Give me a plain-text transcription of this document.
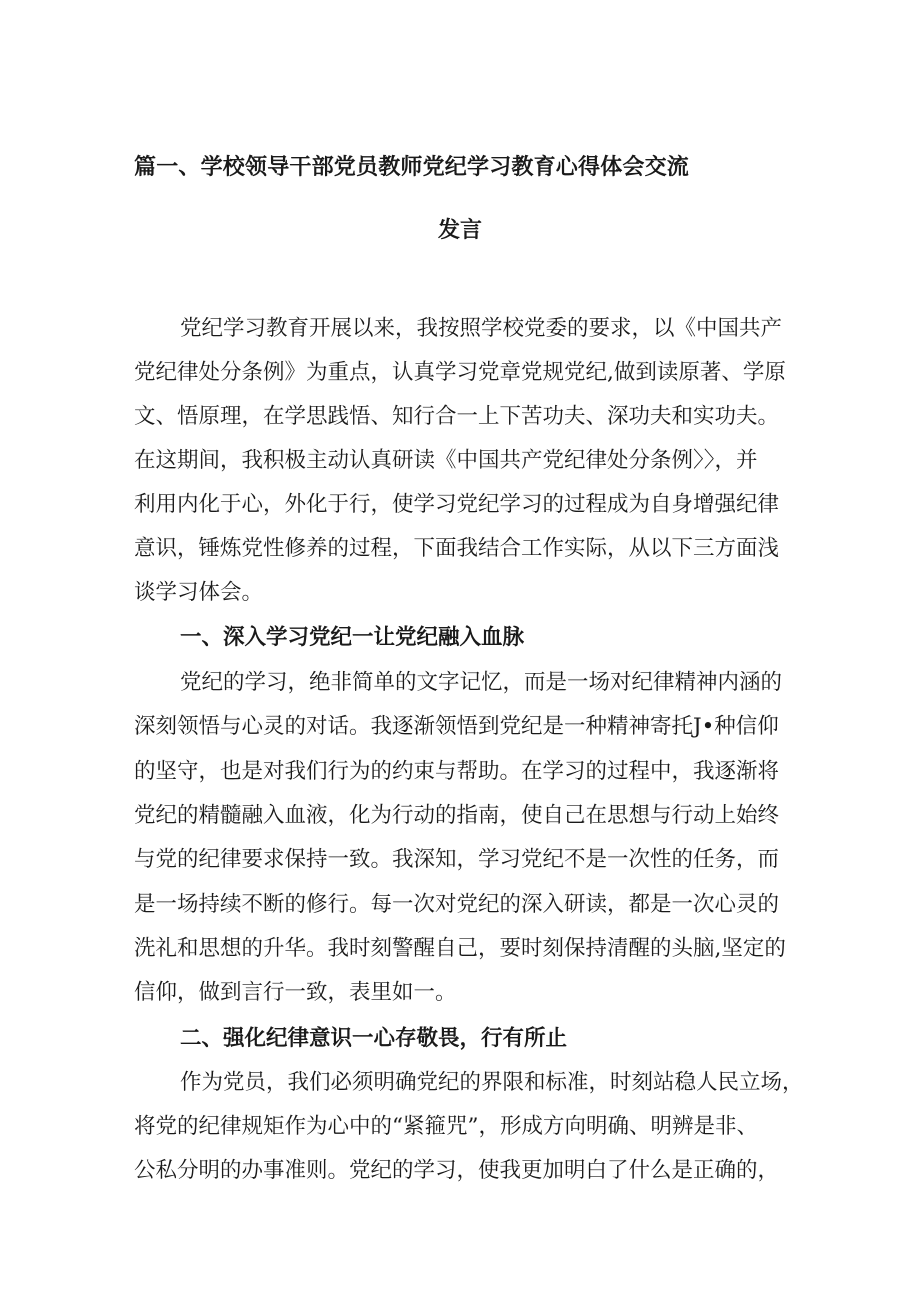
篇一、学校领导干部党员教师党纪学习教育心得体会交流
发言
党纪学习教育开展以来，我按照学校党委的要求，以《中国共产
党纪律处分条例》为重点，认真学习党章党规党纪,做到读原著、学原
文、悟原理，在学思践悟、知行合一上下苦功夫、深功夫和实功夫。
在这期间，我积极主动认真研读《中国共产党纪律处分条例〉〉，并
利用内化于心，外化于行，使学习党纪学习的过程成为自身增强纪律
意识，锤炼党性修养的过程，下面我结合工作实际，从以下三方面浅
谈学习体会。
一、深入学习党纪一让党纪融入血脉
党纪的学习，绝非简单的文字记忆，而是一场对纪律精神内涵的
深刻领悟与心灵的对话。我逐渐领悟到党纪是一种精神寄托J•种信仰
的坚守，也是对我们行为的约束与帮助。在学习的过程中，我逐渐将
党纪的精髓融入血液，化为行动的指南，使自己在思想与行动上始终
与党的纪律要求保持一致。我深知，学习党纪不是一次性的任务，而
是一场持续不断的修行。每一次对党纪的深入研读，都是一次心灵的
洗礼和思想的升华。我时刻警醒自己，要时刻保持清醒的头脑,坚定的
信仰，做到言行一致，表里如一。
二、强化纪律意识一心存敬畏，行有所止
作为党员，我们必须明确党纪的界限和标准，时刻站稳人民立场，
将党的纪律规矩作为心中的“紧箍咒”，形成方向明确、明辨是非、
公私分明的办事准则。党纪的学习，使我更加明白了什么是正确的，
